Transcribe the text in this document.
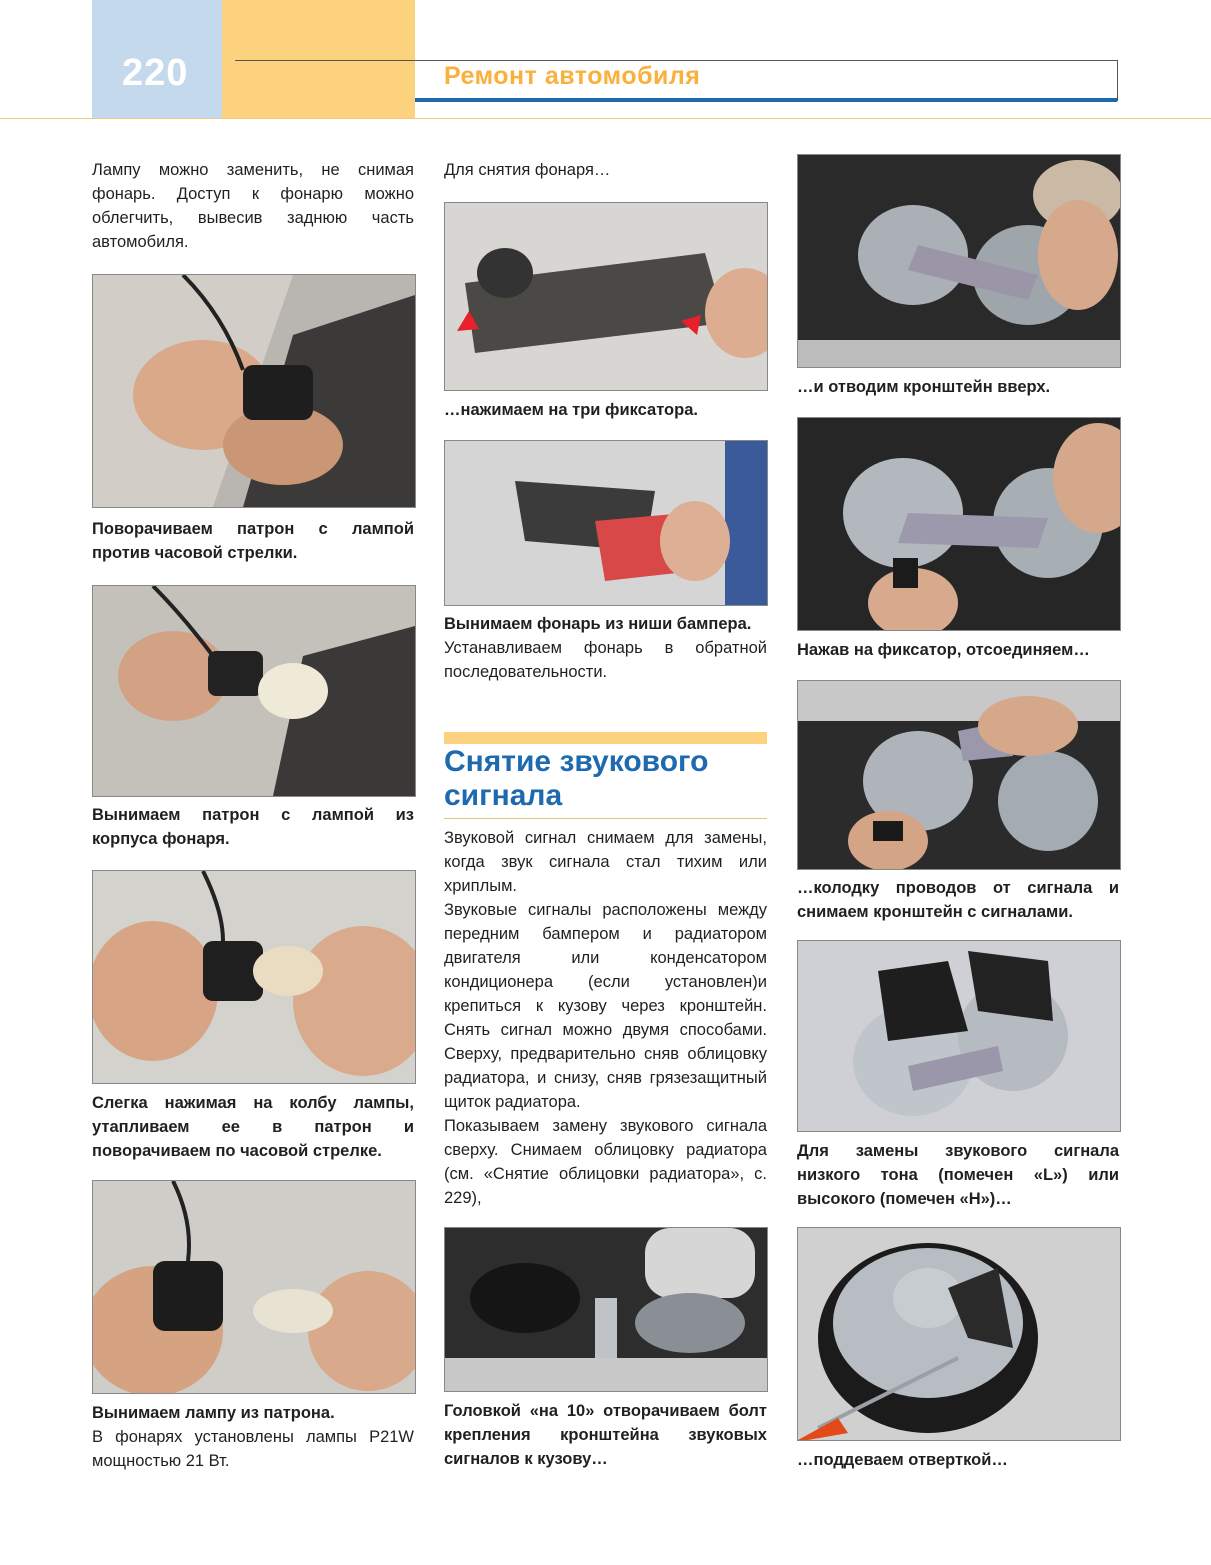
220	Ремонт автомобиля

Лампу можно заменить, не снимая фонарь. Доступ к фонарю можно облегчить, вывесив заднюю часть автомобиля.

Поворачиваем патрон с лампой против часовой стрелки.

Вынимаем патрон с лампой из корпуса фонаря.

Слегка нажимая на колбу лампы, утапливаем ее в патрон и поворачиваем по часовой стрелке.

Вынимаем лампу из патрона.
В фонарях установлены лампы P21W мощностью 21 Вт.

Для снятия фонаря…

…нажимаем на три фиксатора.

Вынимаем фонарь из ниши бампера.
Устанавливаем фонарь в обратной последовательности.

Снятие звукового сигнала

Звуковой сигнал снимаем для замены, когда звук сигнала стал тихим или хриплым.

Звуковые сигналы расположены между передним бампером и радиатором двигателя или конденсатором кондиционера (если установлен)и крепиться к кузову через кронштейн. Снять сигнал можно двумя способами. Сверху, предварительно сняв облицовку радиатора, и снизу, сняв грязезащитный щиток радиатора.

Показываем замену звукового сигнала сверху. Снимаем облицовку радиатора (см. «Снятие облицовки радиатора», с. 229),

Головкой «на 10» отворачиваем болт крепления кронштейна звуковых сигналов к кузову…

…и отводим кронштейн вверх.

Нажав на фиксатор, отсоединяем…

…колодку проводов от сигнала и снимаем кронштейн с сигналами.

Для замены звукового сигнала низкого тона (помечен «L») или высокого (помечен «H»)…

…поддеваем отверткой…
